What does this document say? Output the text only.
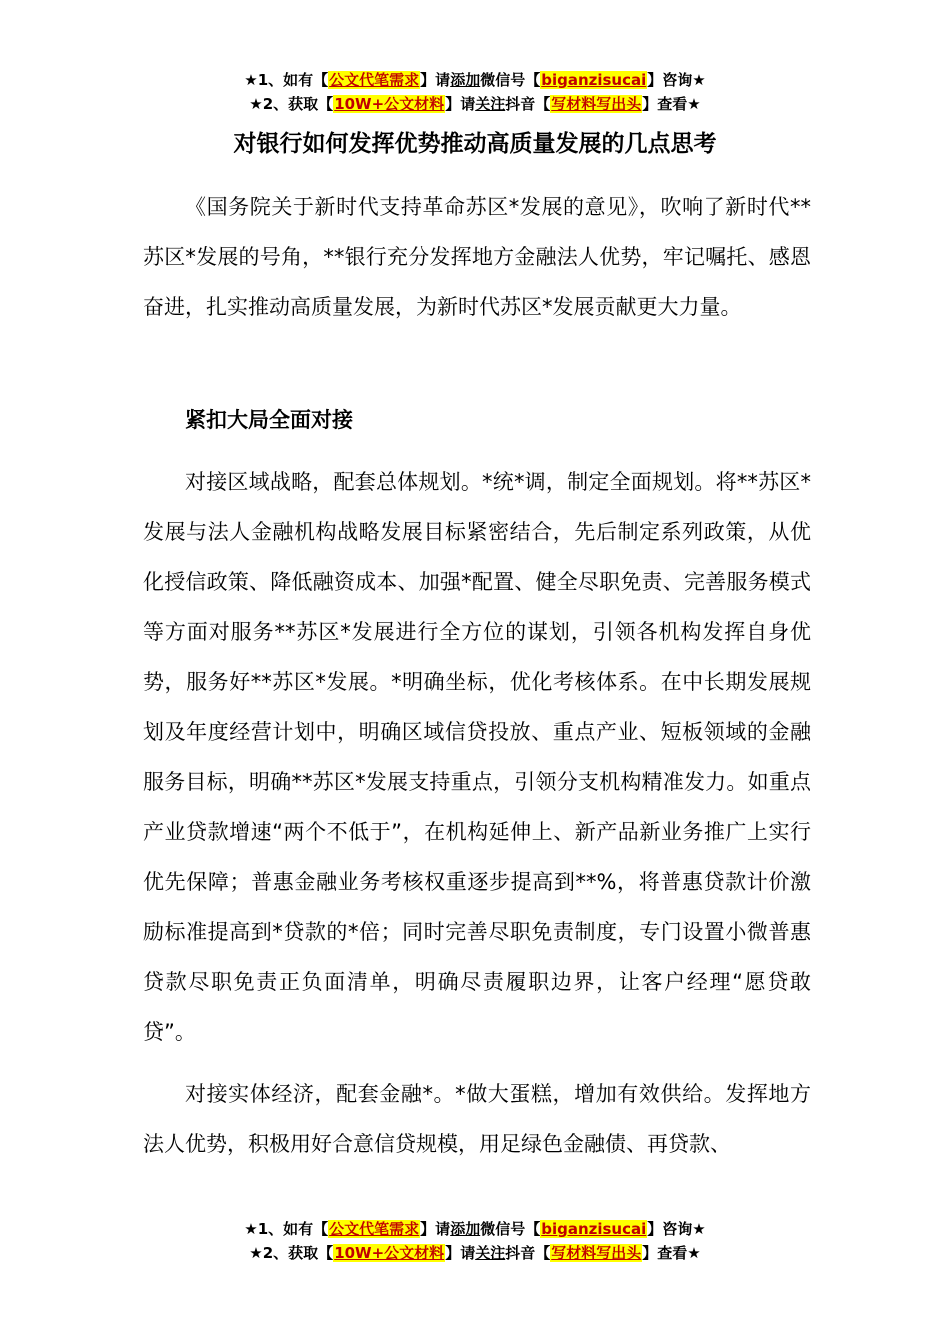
★1、如有【公文代笔需求】请添加微信号【biganzisucai】咨询★
★2、获取【10W+公文材料】请关注抖音【写材料写出头】查看★
对银行如何发挥优势推动高质量发展的几点思考

《国务院关于新时代支持革命苏区*发展的意见》，吹响了新时代**苏区*发展的号角，**银行充分发挥地方金融法人优势，牢记嘱托、感恩奋进，扎实推动高质量发展，为新时代苏区*发展贡献更大力量。

紧扣大局全面对接

对接区域战略，配套总体规划。*统*调，制定全面规划。将**苏区*发展与法人金融机构战略发展目标紧密结合，先后制定系列政策，从优化授信政策、降低融资成本、加强*配置、健全尽职免责、完善服务模式等方面对服务**苏区*发展进行全方位的谋划，引领各机构发挥自身优势，服务好**苏区*发展。*明确坐标，优化考核体系。在中长期发展规划及年度经营计划中，明确区域信贷投放、重点产业、短板领域的金融服务目标，明确**苏区*发展支持重点，引领分支机构精准发力。如重点产业贷款增速“两个不低于”，在机构延伸上、新产品新业务推广上实行优先保障；普惠金融业务考核权重逐步提高到**%，将普惠贷款计价激励标准提高到*贷款的*倍；同时完善尽职免责制度，专门设置小微普惠贷款尽职免责正负面清单，明确尽责履职边界，让客户经理“愿贷敢贷”。

对接实体经济，配套金融*。*做大蛋糕，增加有效供给。发挥地方法人优势，积极用好合意信贷规模，用足绿色金融债、再贷款、

★1、如有【公文代笔需求】请添加微信号【biganzisucai】咨询★
★2、获取【10W+公文材料】请关注抖音【写材料写出头】查看★
